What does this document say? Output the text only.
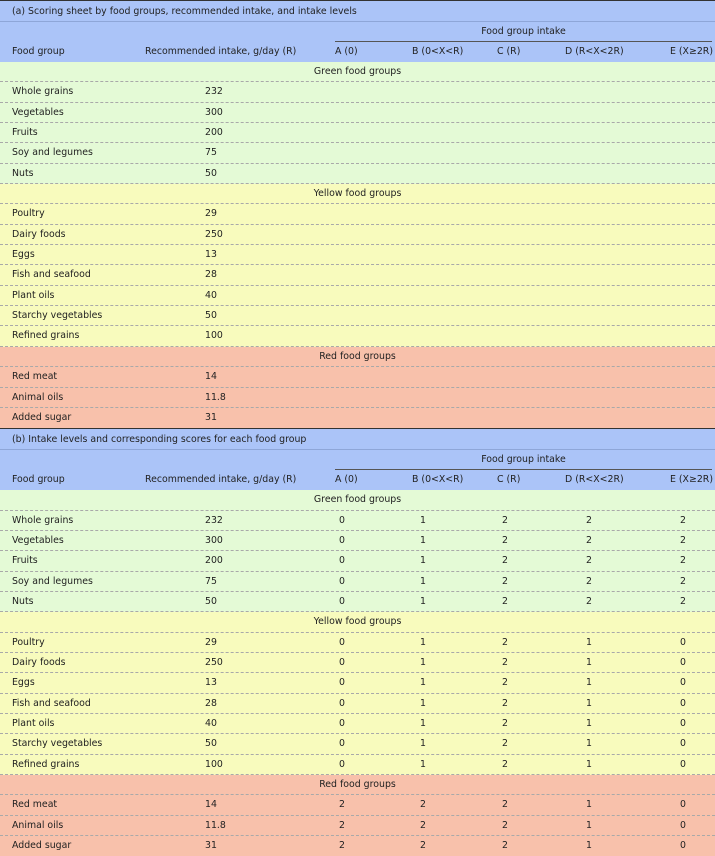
(a) Scoring sheet by food groups, recommended intake, and intake levels
Food group intake
Food group	Recommended intake, g/day (R)	A (0)	B (0<X<R)	C (R)	D (R<X<2R)	E (X≥2R)
Green food groups
Whole grains	232
Vegetables	300
Fruits	200
Soy and legumes	75
Nuts	50
Yellow food groups
Poultry	29
Dairy foods	250
Eggs	13
Fish and seafood	28
Plant oils	40
Starchy vegetables	50
Refined grains	100
Red food groups
Red meat	14
Animal oils	11.8
Added sugar	31
(b) Intake levels and corresponding scores for each food group
Food group intake
Food group	Recommended intake, g/day (R)	A (0)	B (0<X<R)	C (R)	D (R<X<2R)	E (X≥2R)
Green food groups
Whole grains	232	0	1	2	2	2
Vegetables	300	0	1	2	2	2
Fruits	200	0	1	2	2	2
Soy and legumes	75	0	1	2	2	2
Nuts	50	0	1	2	2	2
Yellow food groups
Poultry	29	0	1	2	1	0
Dairy foods	250	0	1	2	1	0
Eggs	13	0	1	2	1	0
Fish and seafood	28	0	1	2	1	0
Plant oils	40	0	1	2	1	0
Starchy vegetables	50	0	1	2	1	0
Refined grains	100	0	1	2	1	0
Red food groups
Red meat	14	2	2	2	1	0
Animal oils	11.8	2	2	2	1	0
Added sugar	31	2	2	2	1	0
